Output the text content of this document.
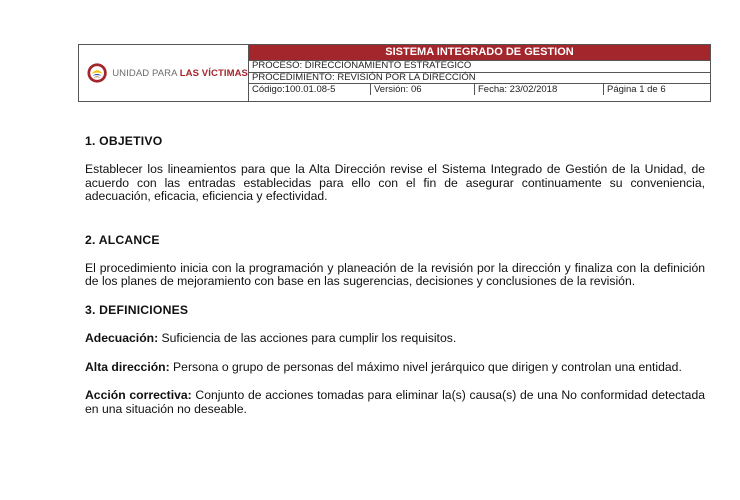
UNIDAD PARA LAS VÍCTIMAS
SISTEMA INTEGRADO DE GESTION
PROCESO: DIRECCIONAMIENTO ESTRATEGICO
PROCEDIMIENTO: REVISIÓN POR LA DIRECCIÓN
Código:100.01.08-5	Versión: 06	Fecha: 23/02/2018	Página 1 de 6
1. OBJETIVO

Establecer los lineamientos para que la Alta Dirección revise el Sistema Integrado de Gestión de la Unidad, de acuerdo con las entradas establecidas para ello con el fin de asegurar continuamente su conveniencia, adecuación, eficacia, eficiencia y efectividad.

2. ALCANCE

El procedimiento inicia con la programación y planeación de la revisión por la dirección y finaliza con la definición de los planes de mejoramiento con base en las sugerencias, decisiones y conclusiones de la revisión.

3. DEFINICIONES

Adecuación: Suficiencia de las acciones para cumplir los requisitos.

Alta dirección: Persona o grupo de personas del máximo nivel jerárquico que dirigen y controlan una entidad.

Acción correctiva: Conjunto de acciones tomadas para eliminar la(s) causa(s) de una No conformidad detectada en una situación no deseable.
